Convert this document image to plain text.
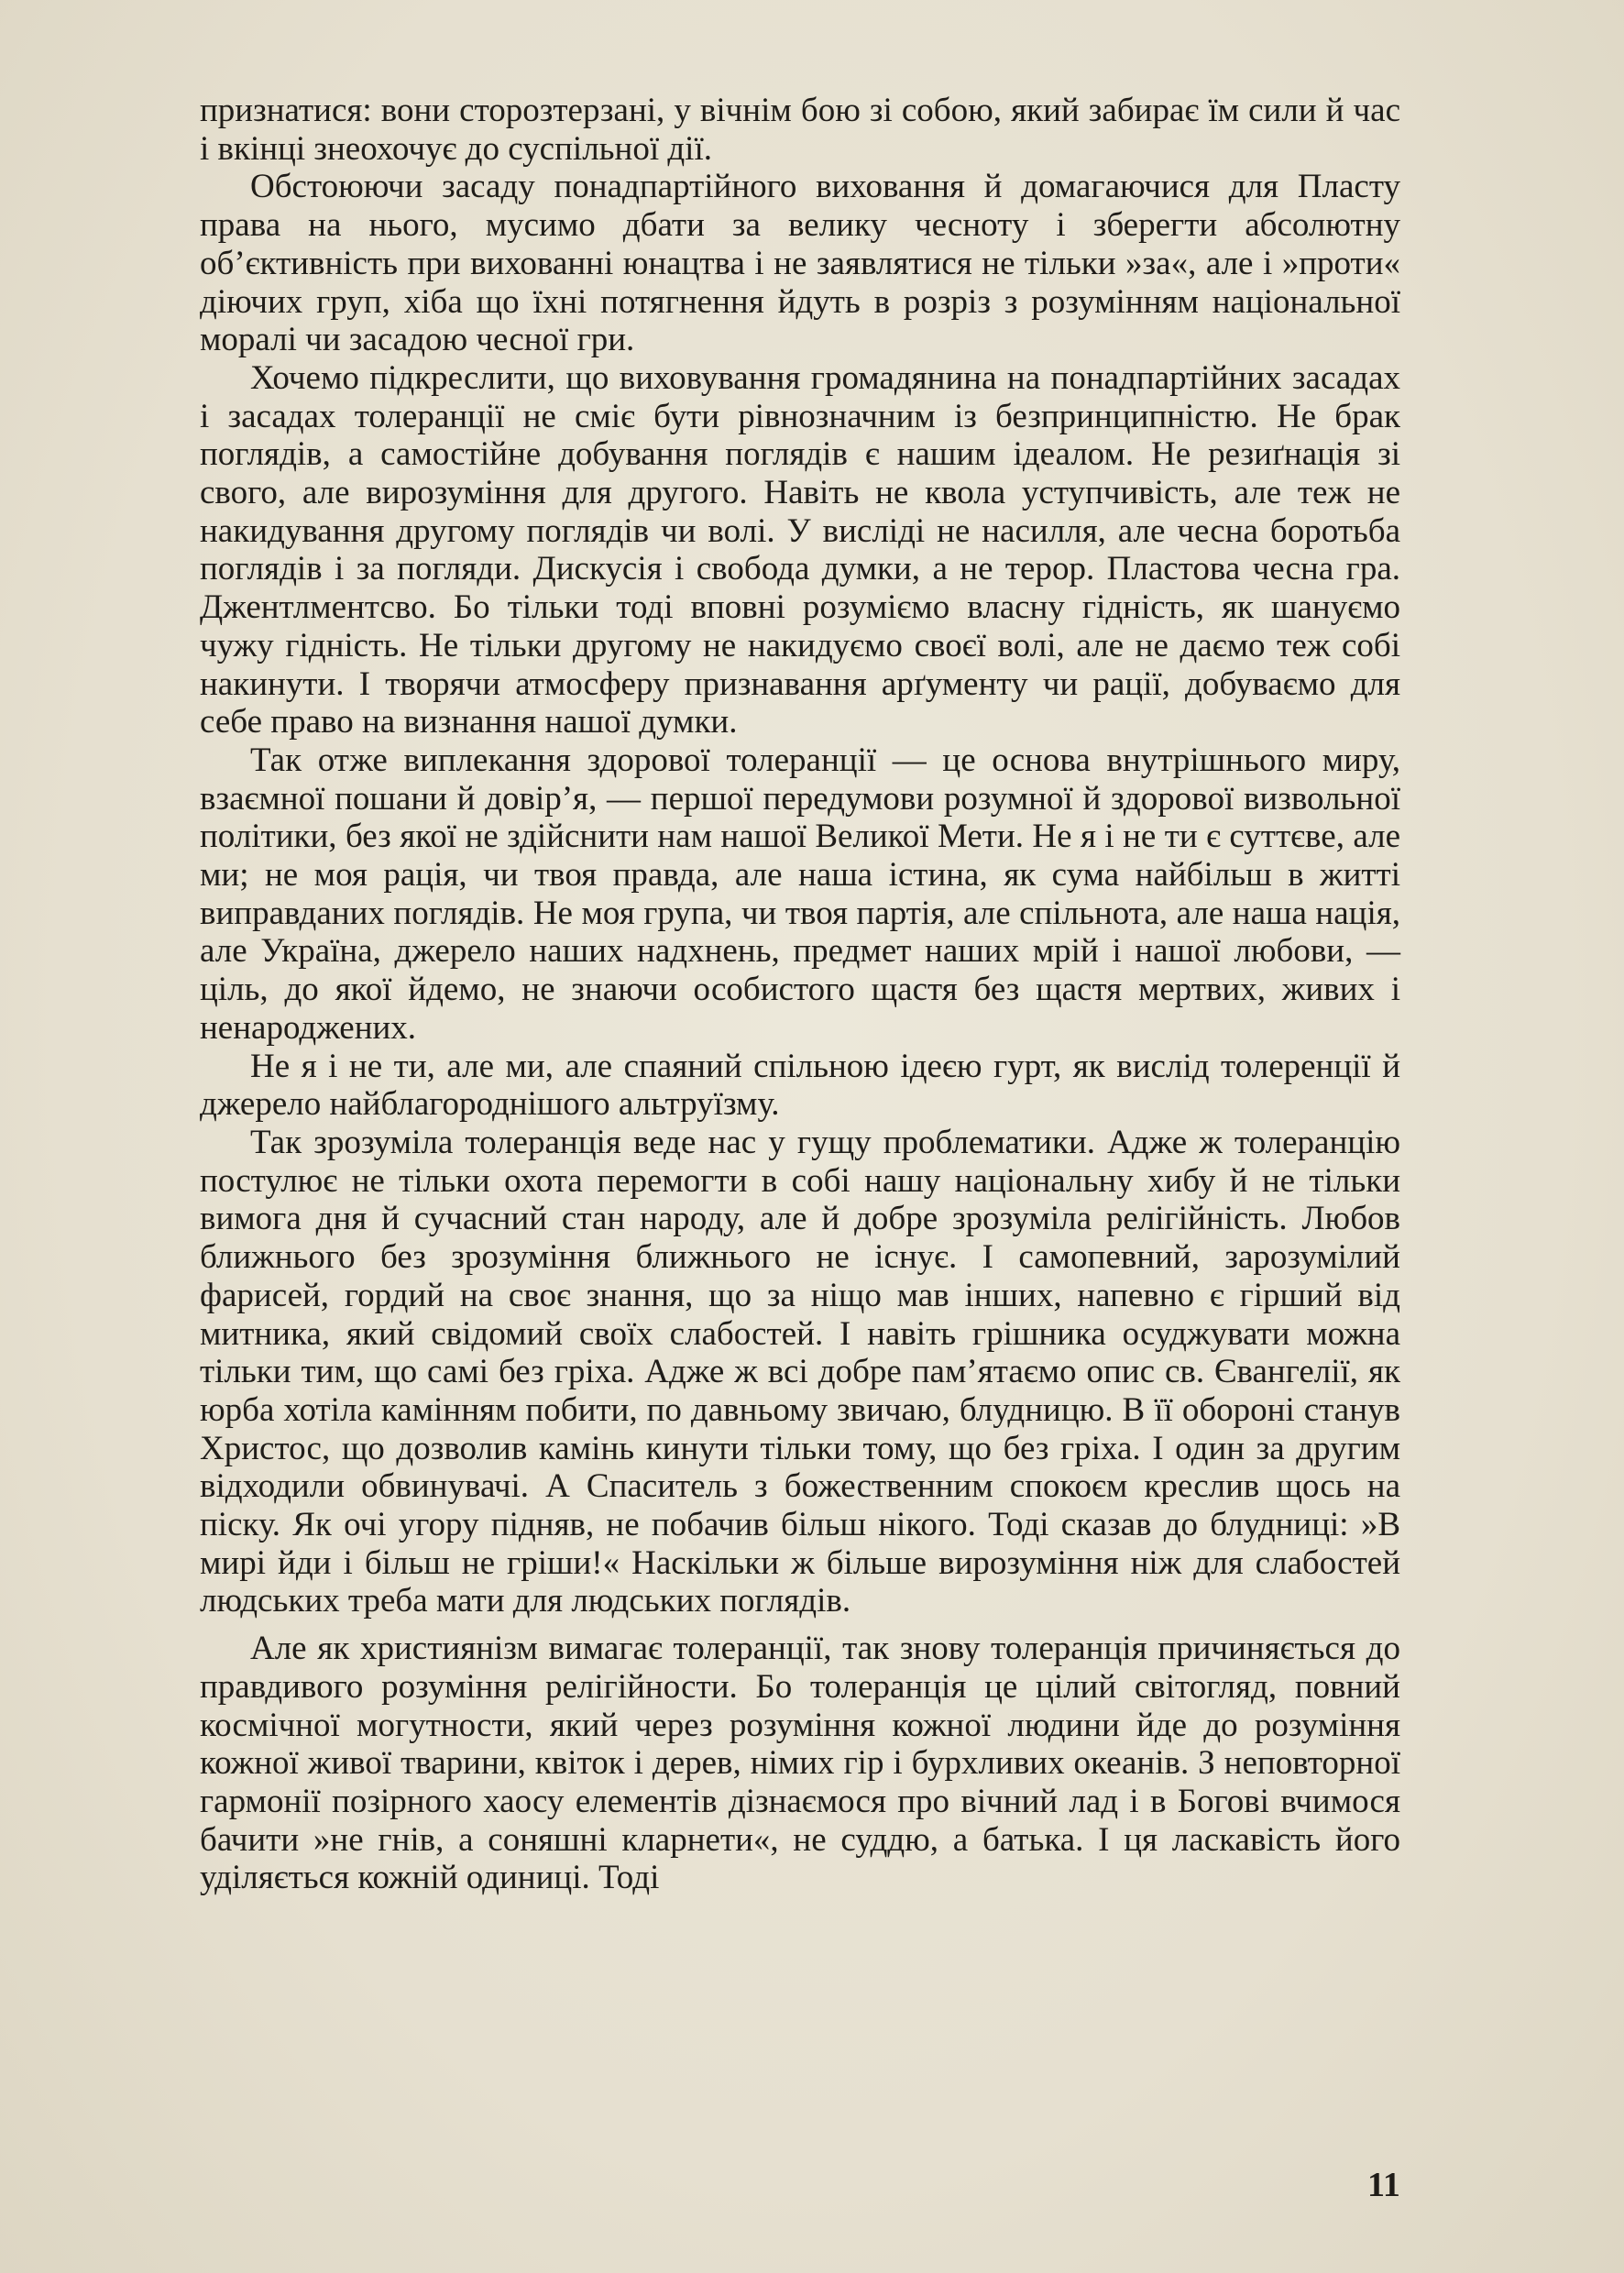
признатися: вони сторозтерзані, у вічнім бою зі собою, який забирає їм сили й час і вкінці знеохочує до суспільної дії.

Обстоюючи засаду понадпартійного виховання й домагаючися для Пласту права на нього, мусимо дбати за велику чесноту і зберегти абсолютну об’єктивність при вихованні юнацтва і не заявлятися не тільки »за«, але і »проти« діючих груп, хіба що їхні потягнення йдуть в розріз з розумінням національної моралі чи засадою чесної гри.

Хочемо підкреслити, що виховування громадянина на понадпартійних засадах і засадах толеранції не сміє бути рівнозначним із безпринципністю. Не брак поглядів, а самостійне добування поглядів є нашим ідеалом. Не резиґнація зі свого, але вирозуміння для другого. Навіть не квола уступчивість, але теж не накидування другому поглядів чи волі. У висліді не насилля, але чесна боротьба поглядів і за погляди. Дискусія і свобода думки, а не терор. Пластова чесна гра. Джентлментсво. Бо тільки тоді вповні розуміємо власну гідність, як шануємо чужу гідність. Не тільки другому не накидуємо своєї волі, але не даємо теж собі накинути. І творячи атмосферу признавання арґументу чи рації, добуваємо для себе право на визнання нашої думки.

Так отже виплекання здорової толеранції — це основа внутрішнього миру, взаємної пошани й довір’я, — першої передумови розумної й здорової визвольної політики, без якої не здійснити нам нашої Великої Мети. Не я і не ти є суттєве, але ми; не моя рація, чи твоя правда, але наша істина, як сума найбільш в житті виправданих поглядів. Не моя група, чи твоя партія, але спільнота, але наша нація, але Україна, джерело наших надхнень, предмет наших мрій і нашої любови, — ціль, до якої йдемо, не знаючи особистого щастя без щастя мертвих, живих і ненароджених.

Не я і не ти, але ми, але спаяний спільною ідеєю гурт, як вислід толеренції й джерело найблагороднішого альтруїзму.

Так зрозуміла толеранція веде нас у гущу проблематики. Адже ж толеранцію постулює не тільки охота перемогти в собі нашу національну хибу й не тільки вимога дня й сучасний стан народу, але й добре зрозуміла релігійність. Любов ближнього без зрозуміння ближнього не існує. І самопевний, зарозумілий фарисей, гордий на своє знання, що за ніщо мав інших, напевно є гірший від митника, який свідомий своїх слабостей. І навіть грішника осуджувати можна тільки тим, що самі без гріха. Адже ж всі добре пам’ятаємо опис св. Євангелії, як юрба хотіла камінням побити, по давньому звичаю, блудницю. В її обороні станув Христос, що дозволив камінь кинути тільки тому, що без гріха. І один за другим відходили обвинувачі. А Спаситель з божественним спокоєм креслив щось на піску. Як очі угору підняв, не побачив більш нікого. Тоді сказав до блудниці: »В мирі йди і більш не гріши!« Наскільки ж більше вирозуміння ніж для слабостей людських треба мати для людських поглядів.

Але як християнізм вимагає толеранції, так знову толеранція причиняється до правдивого розуміння релігійности. Бо толеранція це цілий світогляд, повний космічної могутности, який через розуміння кожної людини йде до розуміння кожної живої тварини, квіток і дерев, німих гір і бурхливих океанів. З неповторної гармонії позірного хаосу елементів дізнаємося про вічний лад і в Богові вчимося бачити »не гнів, а соняшні кларнети«, не суддю, а батька. І ця ласкавість його уділяється кожній одиниці. Тоді

11
